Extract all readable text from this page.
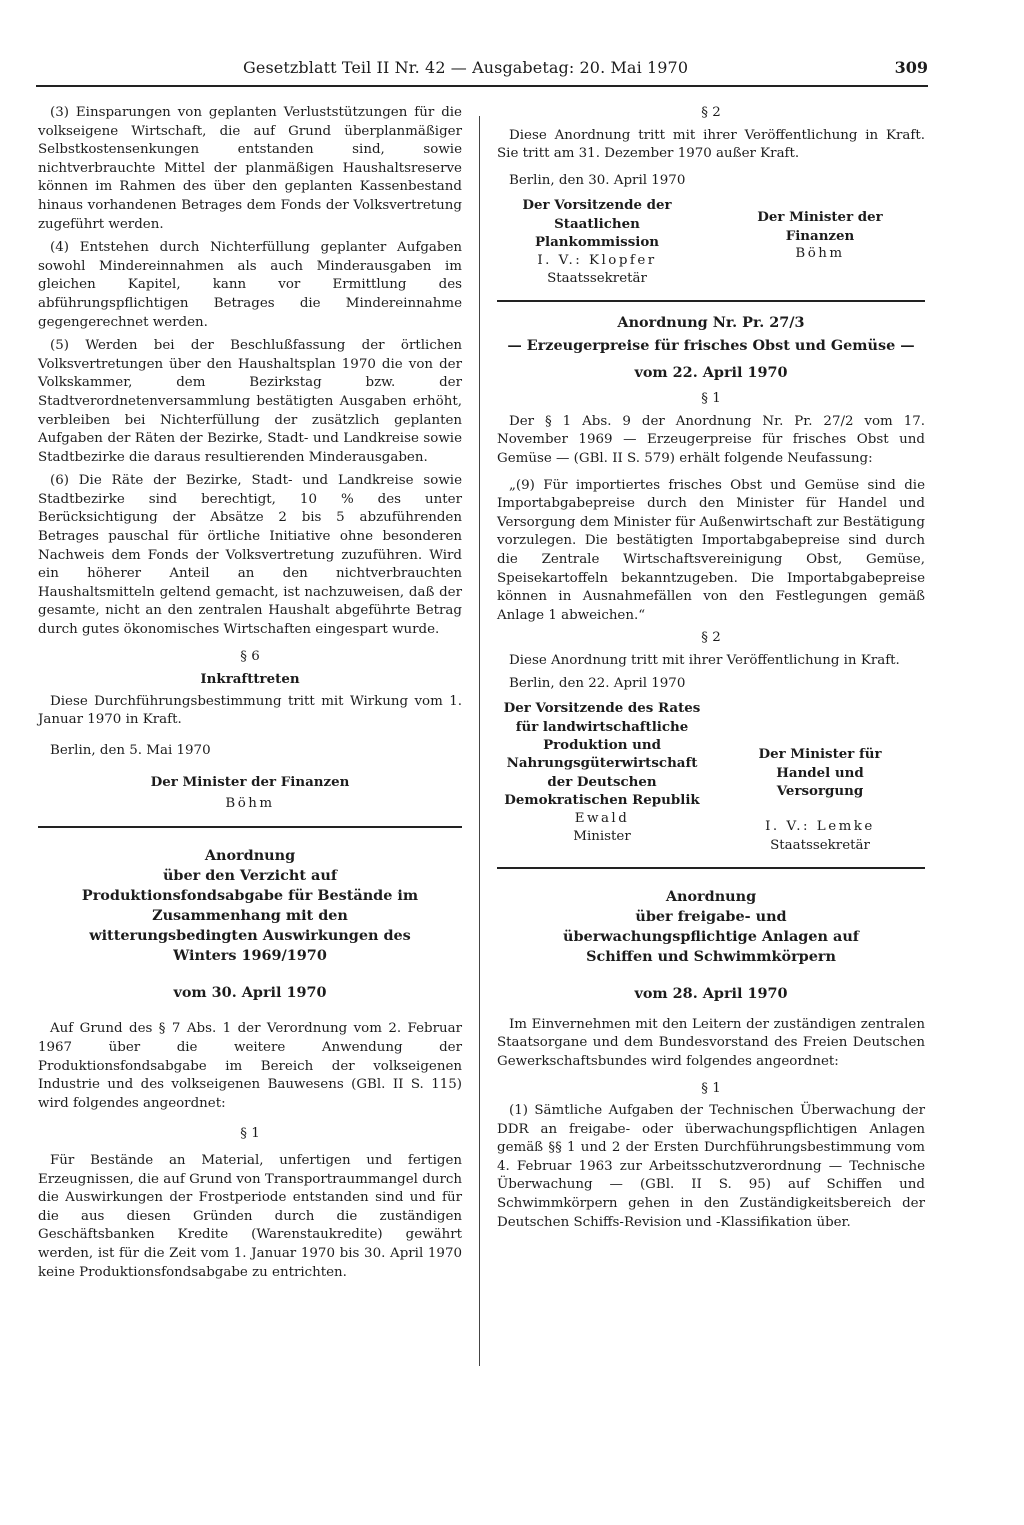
Gesetzblatt Teil II Nr. 42 — Ausgabetag: 20. Mai 1970	309

(3) Einsparungen von geplanten Verluststützungen für die volkseigene Wirtschaft, die auf Grund überplanmäßiger Selbstkostensenkungen entstanden sind, sowie nichtverbrauchte Mittel der planmäßigen Haushaltsreserve können im Rahmen des über den geplanten Kassenbestand hinaus vorhandenen Betrages dem Fonds der Volksvertretung zugeführt werden.

(4) Entstehen durch Nichterfüllung geplanter Aufgaben sowohl Mindereinnahmen als auch Minderausgaben im gleichen Kapitel, kann vor Ermittlung des abführungspflichtigen Betrages die Mindereinnahme gegengerechnet werden.

(5) Werden bei der Beschlußfassung der örtlichen Volksvertretungen über den Haushaltsplan 1970 die von der Volkskammer, dem Bezirkstag bzw. der Stadtverordnetenversammlung bestätigten Ausgaben erhöht, verbleiben bei Nichterfüllung der zusätzlich geplanten Aufgaben der Räten der Bezirke, Stadt- und Landkreise sowie Stadtbezirke die daraus resultierenden Minderausgaben.

(6) Die Räte der Bezirke, Stadt- und Landkreise sowie Stadtbezirke sind berechtigt, 10 % des unter Berücksichtigung der Absätze 2 bis 5 abzuführenden Betrages pauschal für örtliche Initiative ohne besonderen Nachweis dem Fonds der Volksvertretung zuzuführen. Wird ein höherer Anteil an den nichtverbrauchten Haushaltsmitteln geltend gemacht, ist nachzuweisen, daß der gesamte, nicht an den zentralen Haushalt abgeführte Betrag durch gutes ökonomisches Wirtschaften eingespart wurde.

§ 6

Inkrafttreten

Diese Durchführungsbestimmung tritt mit Wirkung vom 1. Januar 1970 in Kraft.

Berlin, den 5. Mai 1970

Der Minister der Finanzen

Böhm

Anordnung

über den Verzicht auf Produktionsfondsabgabe für Bestände im Zusammenhang mit den witterungsbedingten Auswirkungen des Winters 1969/1970

vom 30. April 1970

Auf Grund des § 7 Abs. 1 der Verordnung vom 2. Februar 1967 über die weitere Anwendung der Produktionsfondsabgabe im Bereich der volkseigenen Industrie und des volkseigenen Bauwesens (GBl. II S. 115) wird folgendes angeordnet:

§ 1

Für Bestände an Material, unfertigen und fertigen Erzeugnissen, die auf Grund von Transportraummangel durch die Auswirkungen der Frostperiode entstanden sind und für die aus diesen Gründen durch die zuständigen Geschäftsbanken Kredite (Warenstaukredite) gewährt werden, ist für die Zeit vom 1. Januar 1970 bis 30. April 1970 keine Produktionsfondsabgabe zu entrichten.

§ 2

Diese Anordnung tritt mit ihrer Veröffentlichung in Kraft. Sie tritt am 31. Dezember 1970 außer Kraft.

Berlin, den 30. April 1970

Der Vorsitzende der Staatlichen Plankommission
I. V.: Klopfer
Staatssekretär
Der Minister der Finanzen
Böhm

Anordnung Nr. Pr. 27/3

— Erzeugerpreise für frisches Obst und Gemüse —

vom 22. April 1970

§ 1

Der § 1 Abs. 9 der Anordnung Nr. Pr. 27/2 vom 17. November 1969 — Erzeugerpreise für frisches Obst und Gemüse — (GBl. II S. 579) erhält folgende Neufassung:

„(9) Für importiertes frisches Obst und Gemüse sind die Importabgabepreise durch den Minister für Handel und Versorgung dem Minister für Außenwirtschaft zur Bestätigung vorzulegen. Die bestätigten Importabgabepreise sind durch die Zentrale Wirtschaftsvereinigung Obst, Gemüse, Speisekartoffeln bekanntzugeben. Die Importabgabepreise können in Ausnahmefällen von den Festlegungen gemäß Anlage 1 abweichen.“

§ 2

Diese Anordnung tritt mit ihrer Veröffentlichung in Kraft.

Berlin, den 22. April 1970

Der Vorsitzende des Rates für landwirtschaftliche Produktion und Nahrungsgüterwirtschaft der Deutschen Demokratischen Republik
Ewald
Minister
Der Minister für Handel und Versorgung
I. V.: Lemke
Staatssekretär

Anordnung

über freigabe- und überwachungspflichtige Anlagen auf Schiffen und Schwimmkörpern

vom 28. April 1970

Im Einvernehmen mit den Leitern der zuständigen zentralen Staatsorgane und dem Bundesvorstand des Freien Deutschen Gewerkschaftsbundes wird folgendes angeordnet:

§ 1

(1) Sämtliche Aufgaben der Technischen Überwachung der DDR an freigabe- oder überwachungspflichtigen Anlagen gemäß §§ 1 und 2 der Ersten Durchführungsbestimmung vom 4. Februar 1963 zur Arbeitsschutzverordnung — Technische Überwachung — (GBl. II S. 95) auf Schiffen und Schwimmkörpern gehen in den Zuständigkeitsbereich der Deutschen Schiffs-Revision und -Klassifikation über.
